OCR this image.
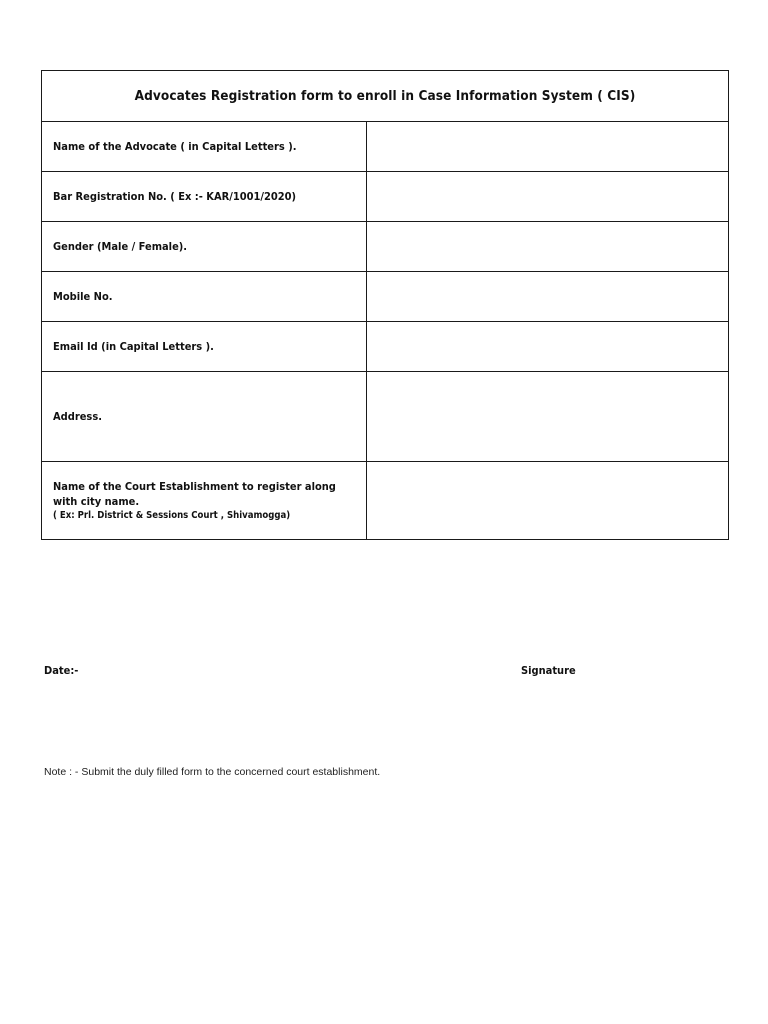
Advocates Registration form to enroll in Case Information System ( CIS)	
Name of the Advocate ( in Capital Letters ).	
Bar Registration No. ( Ex :- KAR/1001/2020)	
Gender (Male / Female).	
Mobile No.	
Email Id (in Capital Letters ).	
Address.	

Name of the Court Establishment to register along with city name.
( Ex: Prl. District & Sessions Court , Shivamogga)

Date:-	Signature
Note : - Submit the duly filled form to the concerned court establishment.
